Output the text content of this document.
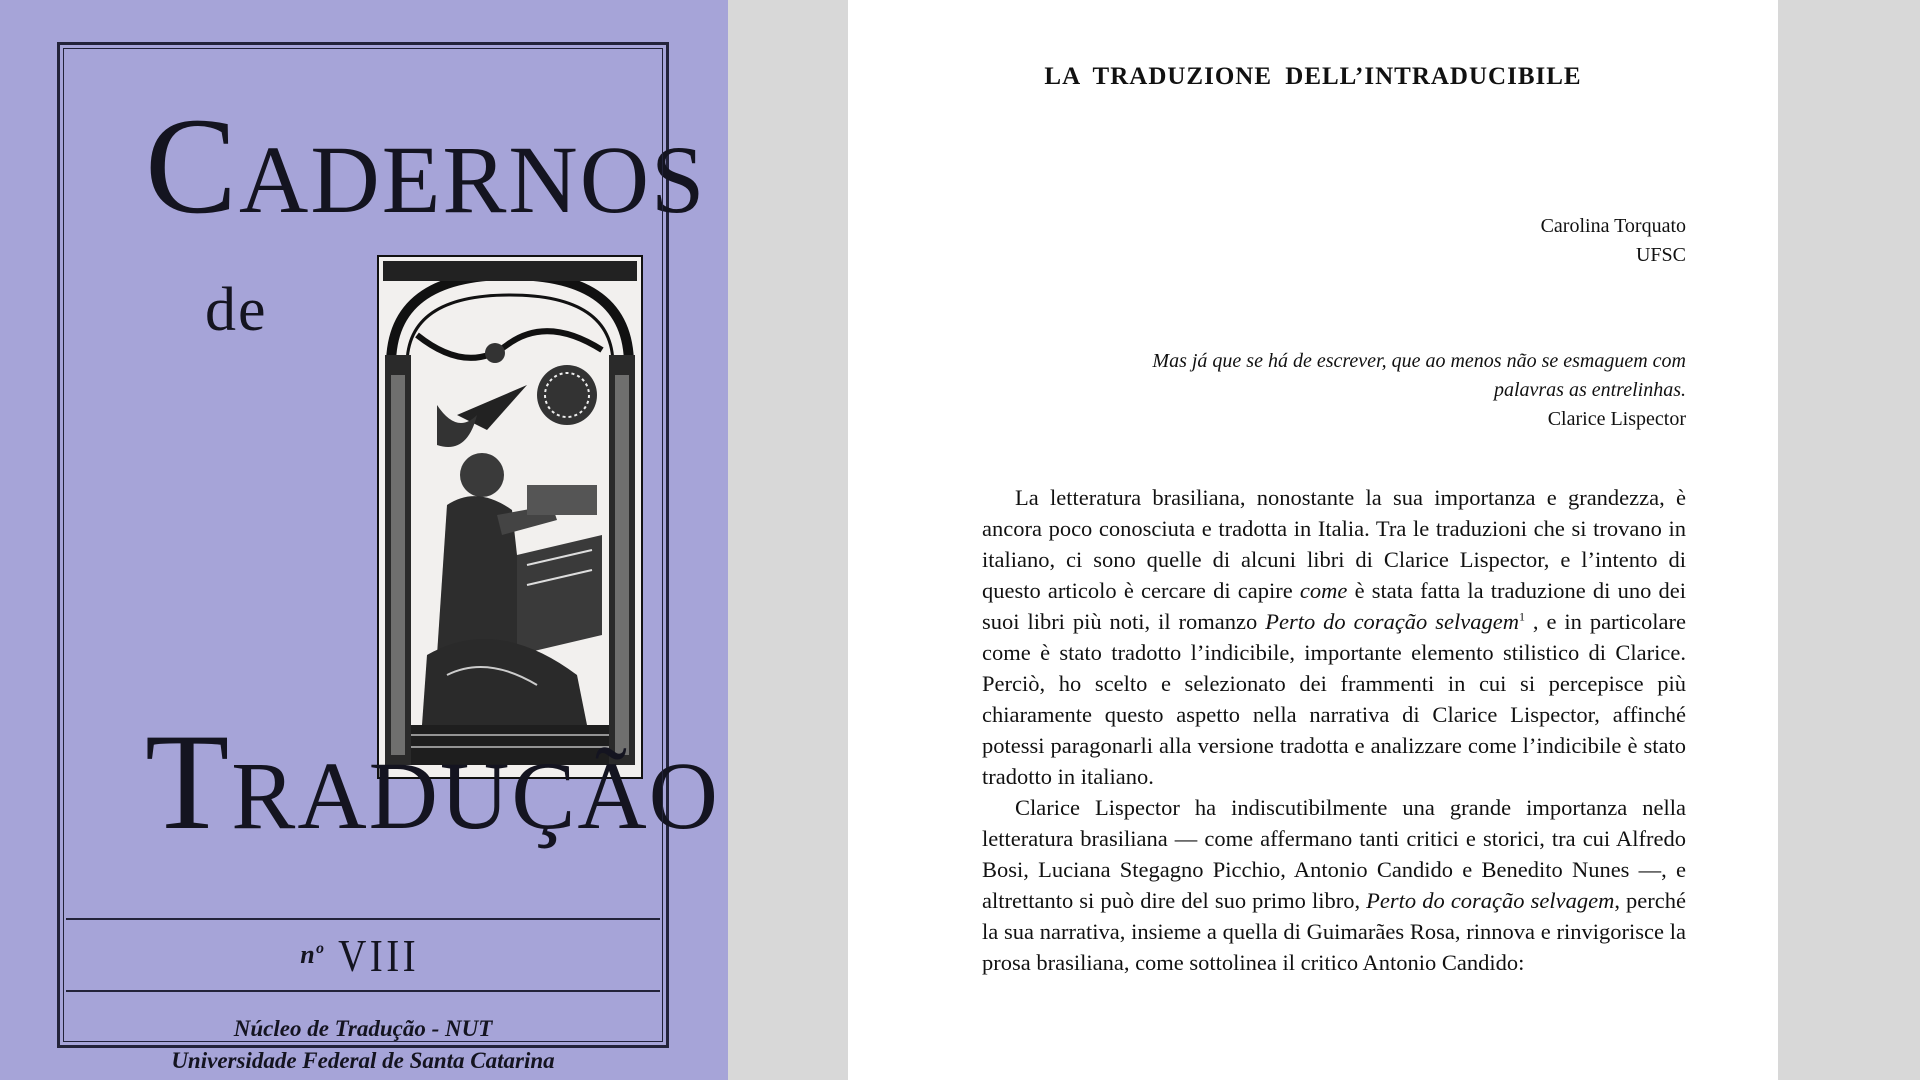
CADERNOS
de
TRADUÇÃO
nº VIII
Núcleo de Tradução - NUT
Universidade Federal de Santa Catarina
LA TRADUZIONE DELL’INTRADUCIBILE
Carolina Torquato
UFSC
Mas já que se há de escrever, que ao menos não se esmaguem com
palavras as entrelinhas.
Clarice Lispector

La letteratura brasiliana, nonostante la sua importanza e grandezza, è ancora poco conosciuta e tradotta in Italia. Tra le traduzioni che si trovano in italiano, ci sono quelle di alcuni libri di Clarice Lispector, e l’intento di questo articolo è cercare di capire come è stata fatta la traduzione di uno dei suoi libri più noti, il romanzo Perto do coração selvagem$^1$ , e in particolare come è stato tradotto l’indicibile, importante elemento stilistico di Clarice. Perciò, ho scelto e selezionato dei frammenti in cui si percepisce più chiaramente questo aspetto nella narrativa di Clarice Lispector, affinché potessi paragonarli alla versione tradotta e analizzare come l’indicibile è stato tradotto in italiano.

Clarice Lispector ha indiscutibilmente una grande importanza nella letteratura brasiliana — come affermano tanti critici e storici, tra cui Alfredo Bosi, Luciana Stegagno Picchio, Antonio Candido e Benedito Nunes —, e altrettanto si può dire del suo primo libro, Perto do coração selvagem, perché la sua narrativa, insieme a quella di Guimarães Rosa, rinnova e rinvigorisce la prosa brasiliana, come sottolinea il critico Antonio Candido:
